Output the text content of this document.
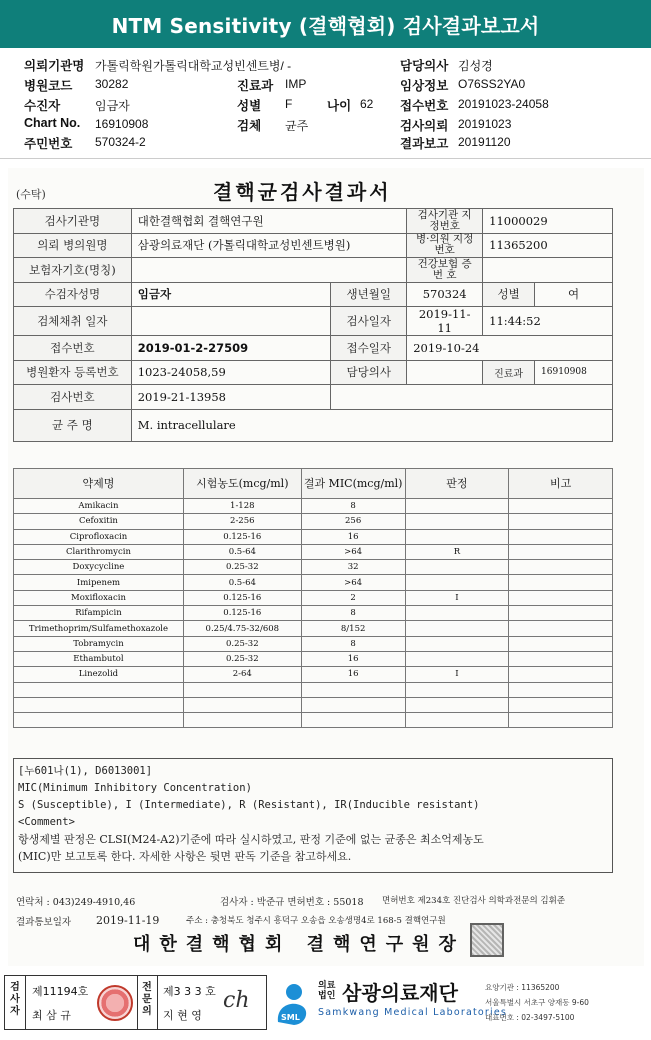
NTM Sensitivity (결핵협회) 검사결과보고서
의뢰기관명 가톨릭학원가톨릭대학교성빈센트병/ -
병원코드 30282
수진자	임금자
Chart No. 16910908
주민번호 570324-2
진료과 IMP
성별 F	나이 62
검체 균주
담당의사 김성경
임상정보 O76SS2YA0
접수번호 20191023-24058
검사의뢰 20191023
결과보고 20191120
(수탁)	결핵균검사결과서
검사기관명	대한결핵협회 결핵연구원		검사기관 지정번호	11000029	
의뢰 병의원명	삼광의료재단 (가톨릭대학교성빈센트병원)		병·의원 지정번호	11365200	
보험자기호(명칭)			건강보험 증 번 호		
수검자성명	임금자	생년월일	570324	성별	여
검체채취 일자		검사일자	2019-11-11	11:44:52	
접수번호	2019-01-2-27509	접수일자	2019-10-24		
병원환자 등록번호	1023-24058,59	담당의사		진료과	16910908
검사번호	2019-21-13958				
균 주 명	M. intracellulare				
약제명	시험농도(mcg/ml)	결과 MIC(mcg/ml)	판정	비고
Amikacin	1-128	8		
Cefoxitin	2-256	256		
Ciprofloxacin	0.125-16	16		
Clarithromycin	0.5-64	>64	R	
Doxycycline	0.25-32	32		
Imipenem	0.5-64	>64		
Moxifloxacin	0.125-16	2	I	
Rifampicin	0.125-16	8		
Trimethoprim/Sulfamethoxazole	0.25/4.75-32/608	8/152		
Tobramycin	0.25-32	8		
Ethambutol	0.25-32	16		
Linezolid	2-64	16	I	

[누601나(1), D6013001]
MIC(Minimum Inhibitory Concentration)
S (Susceptible), I (Intermediate), R (Resistant), IR(Inducible resistant)
<Comment>
항생제별 판정은 CLSI(M24-A2)기준에 따라 실시하였고, 판정 기준에 없는 균종은 최소억제농도
(MIC)만 보고토록 한다. 자세한 사항은 뒷면 판독 기준을 참고하세요.
연락처 : 043)249-4910,46	검사자 : 박준규 면허번호 : 55018 면허번호 제234호 진단검사 의학과전문의 김휘준
결과통보일자 2019-11-19	주소 : 충청북도 청주시 흥덕구 오송읍 오송생명4로 168-5 결핵연구원
대한결핵협회 결핵연구원장
검사자
제11194호
최 삼 규
전문의
제3 3 3 호
지 현 영
ch
SML
의료 법인 삼광의료재단
Samkwang Medical Laboratories
요양기관 : 11365200
서울특별시 서초구 양재동 9-60
대표번호 : 02-3497-5100
